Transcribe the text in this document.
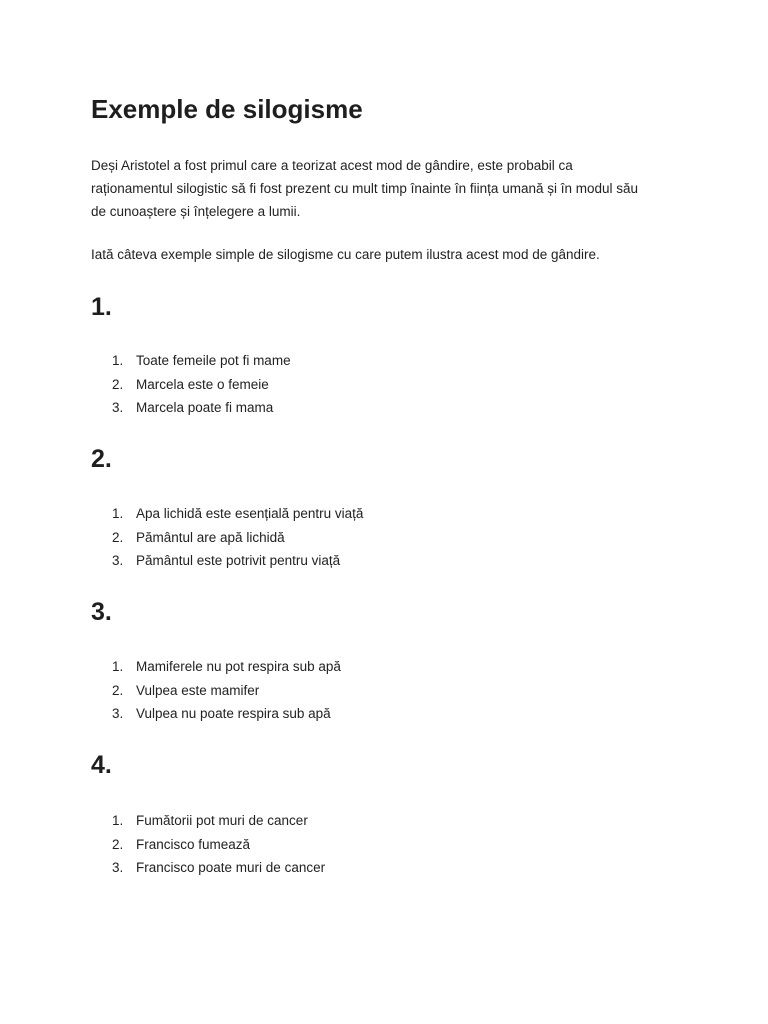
Exemple de silogisme

Deși Aristotel a fost primul care a teorizat acest mod de gândire, este probabil ca raționamentul silogistic să fi fost prezent cu mult timp înainte în ființa umană și în modul său de cunoaștere și înțelegere a lumii.

Iată câteva exemple simple de silogisme cu care putem ilustra acest mod de gândire.

1.
1. Toate femeile pot fi mame
2. Marcela este o femeie
3. Marcela poate fi mama
2.
1. Apa lichidă este esențială pentru viață
2. Pământul are apă lichidă
3. Pământul este potrivit pentru viață
3.
1. Mamiferele nu pot respira sub apă
2. Vulpea este mamifer
3. Vulpea nu poate respira sub apă
4.
1. Fumătorii pot muri de cancer
2. Francisco fumează
3. Francisco poate muri de cancer
